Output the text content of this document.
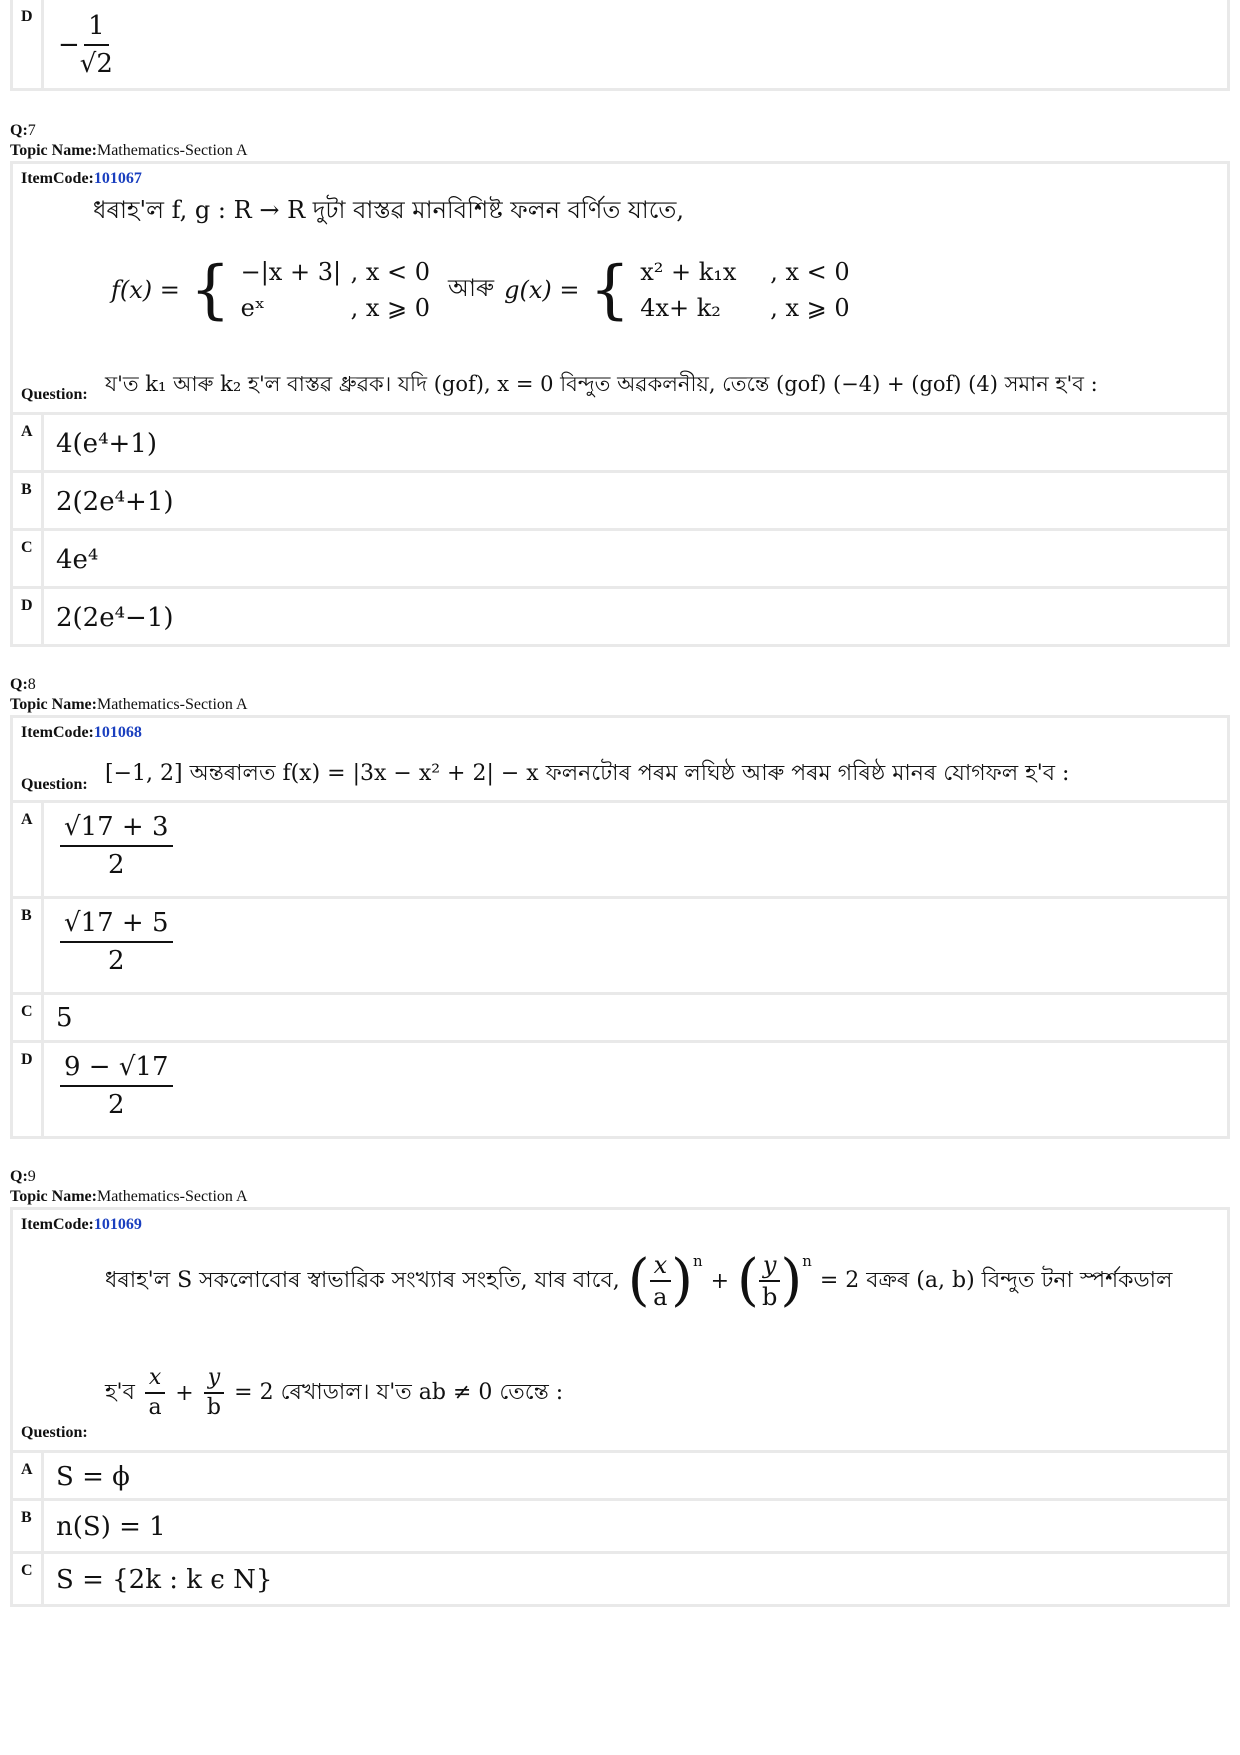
D
− $\frac{1}{√2}$
Q:7
Topic Name:Mathematics-Section A
ItemCode:101067
ধৰাহ'ল f, g : R → R দুটা বাস্তৱ মানবিশিষ্ট ফলন বৰ্ণিত যাতে,
f(x) = { −|x + 3| , x < 0
eˣ	, x ⩾ 0
আৰু g(x) = { x² + k₁x , x < 0
4x+ k₂ , x ⩾ 0
Question: য'ত k₁ আৰু k₂ হ'ল বাস্তৱ ধ্ৰুৱক। যদি (gof), x = 0 বিন্দুত অৱকলনীয়, তেন্তে (gof) (−4) + (gof) (4) সমান হ'ব :
A 4(e⁴+1)
B 2(2e⁴+1)
C 4e⁴
D 2(2e⁴−1)
Q:8
Topic Name:Mathematics-Section A
ItemCode:101068
Question: [−1, 2] অন্তৰালত f(x) = |3x − x² + 2| − x ফলনটোৰ পৰম লঘিষ্ঠ আৰু পৰম গৰিষ্ঠ মানৰ যোগফল হ'ব :
A	$\frac{√17 + 3}{2}$
B	$\frac{√17 + 5}{2}$
C 5
D	$\frac{9 - √17}{2}$
Q:9
Topic Name:Mathematics-Section A
ItemCode:101069
ধৰাহ'ল S সকলোবোৰ স্বাভাৱিক সংখ্যাৰ সংহতি, যাৰ বাবে, ( $\frac{x}{a} )^n$
+ ( $\frac{y}{b} )^n$
= 2 বক্ৰৰ (a, b) বিন্দুত টনা স্পৰ্শকডাল
হ'ব $\frac{x}{a} + \frac{y}{b} = 2$ ৰেখাডাল। য'ত ab ≠ 0 তেন্তে :
Question:
A S = ϕ
B n(S) = 1
C S = {2k : k ϵ N}
